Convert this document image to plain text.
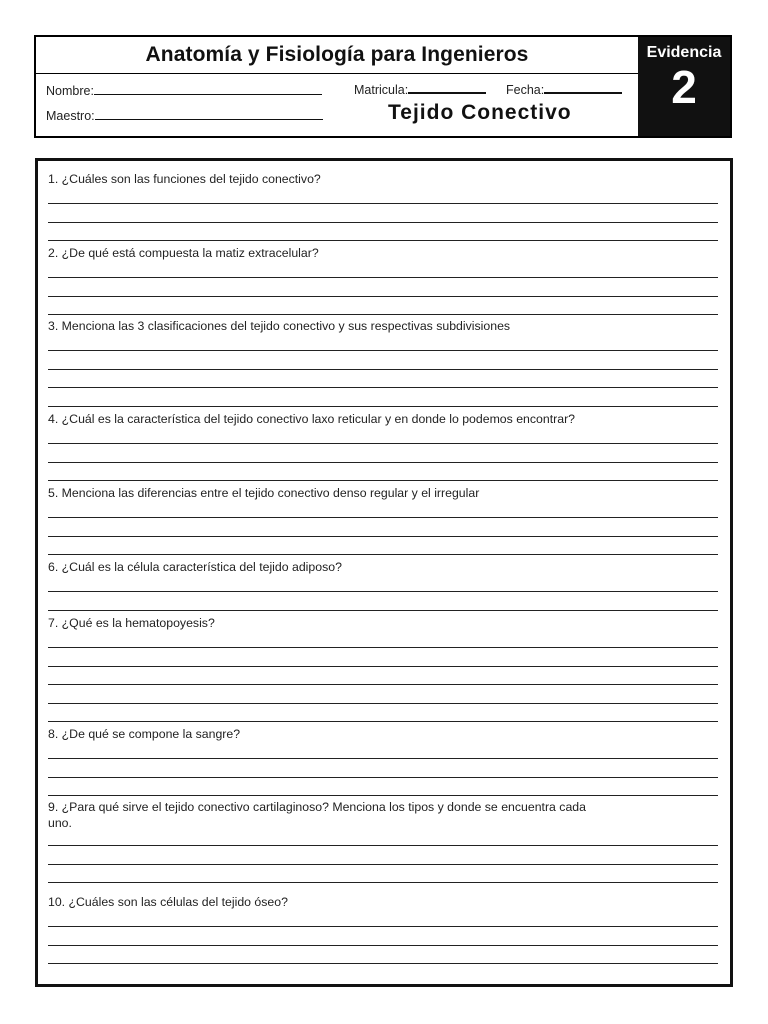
Anatomía y Fisiología para Ingenieros
Nombre:
Maestro:
Matricula:	Fecha:
Tejido Conectivo
Evidencia
2
1. ¿Cuáles son las funciones del tejido conectivo?
2. ¿De qué está compuesta la matiz extracelular?
3. Menciona las 3 clasificaciones del tejido conectivo y sus respectivas subdivisiones
4. ¿Cuál es la característica del tejido conectivo laxo reticular y en donde lo podemos encontrar?
5. Menciona las diferencias entre el tejido conectivo denso regular y el irregular
6. ¿Cuál es la célula característica del tejido adiposo?
7. ¿Qué es la hematopoyesis?
8. ¿De qué se compone la sangre?
9. ¿Para qué sirve el tejido conectivo cartilaginoso? Menciona los tipos y donde se encuentra cada
uno.
10. ¿Cuáles son las células del tejido óseo?
